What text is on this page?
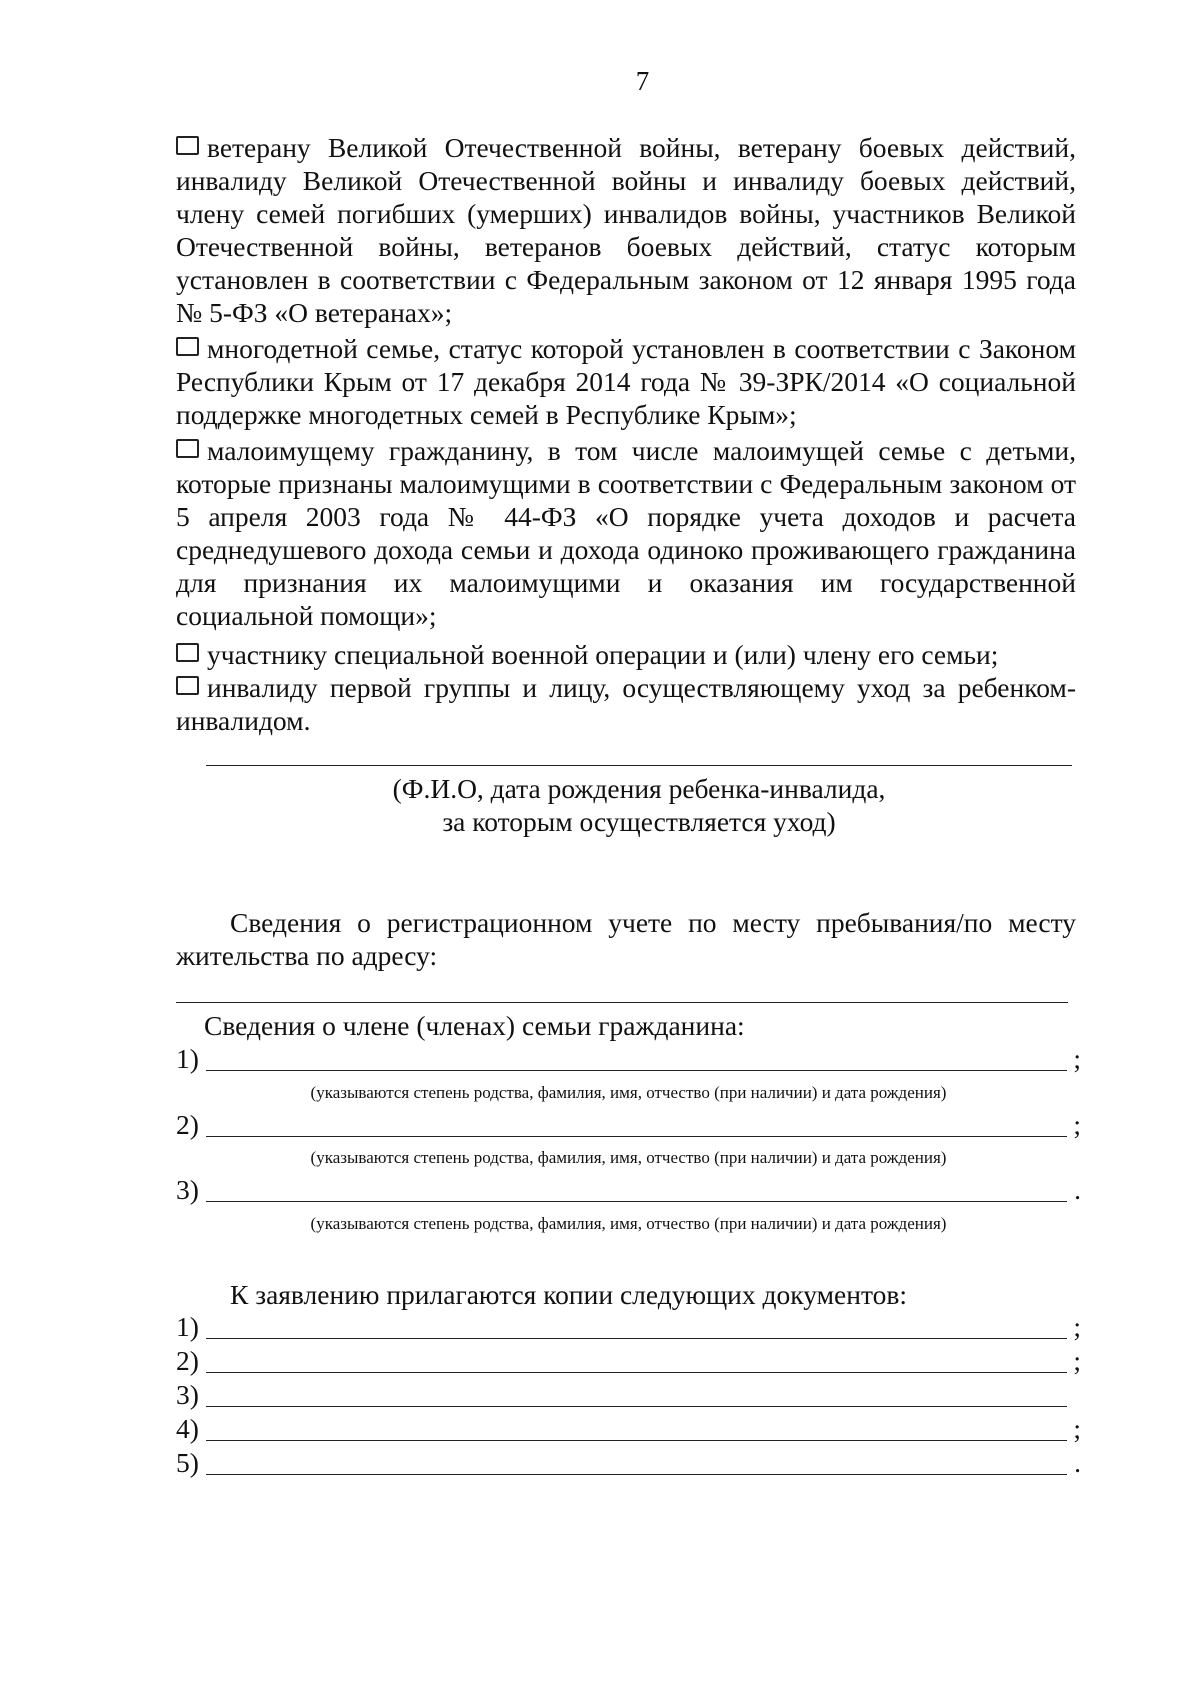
7
ветерану Великой Отечественной войны, ветерану боевых действий, инвалиду Великой Отечественной войны и инвалиду боевых действий, члену семей погибших (умерших) инвалидов войны, участников Великой Отечественной войны, ветеранов боевых действий, статус которым установлен в соответствии с Федеральным законом от 12 января 1995 года № 5-ФЗ «О ветеранах»;
многодетной семье, статус которой установлен в соответствии с Законом Республики Крым от 17 декабря 2014 года № 39-ЗРК/2014 «О социальной поддержке многодетных семей в Республике Крым»;
малоимущему гражданину, в том числе малоимущей семье с детьми, которые признаны малоимущими в соответствии с Федеральным законом от 5 апреля 2003 года № 44-ФЗ «О порядке учета доходов и расчета среднедушевого дохода семьи и дохода одиноко проживающего гражданина для признания их малоимущими и оказания им государственной социальной помощи»;
участнику специальной военной операции и (или) члену его семьи;
инвалиду первой группы и лицу, осуществляющему уход за ребенком-инвалидом.
(Ф.И.О, дата рождения ребенка-инвалида,
за которым осуществляется уход)
Сведения о регистрационном учете по месту пребывания/по месту жительства по адресу:
Сведения о члене (членах) семьи гражданина:
1)	;
(указываются степень родства, фамилия, имя, отчество (при наличии) и дата рождения)
2)	;
(указываются степень родства, фамилия, имя, отчество (при наличии) и дата рождения)
3)	.
(указываются степень родства, фамилия, имя, отчество (при наличии) и дата рождения)
К заявлению прилагаются копии следующих документов:
1)	;
2)	;
3)
4)	;
5)	.
